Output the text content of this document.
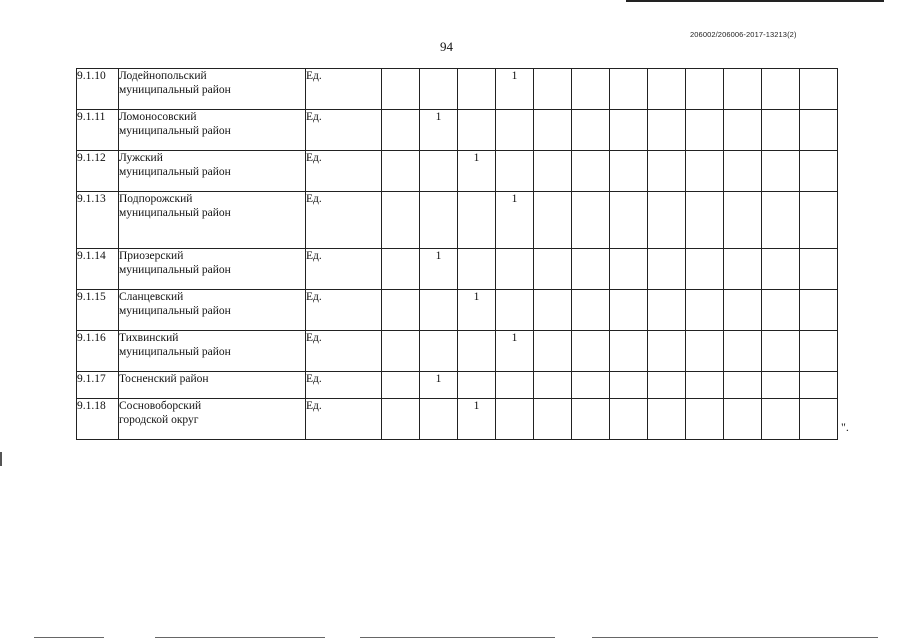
206002/206006-2017-13213(2)
94
9.1.10	Лодейнопольский
муниципальный район	Ед.				1								
9.1.11	Ломоносовский
муниципальный район	Ед.		1										
9.1.12	Лужский
муниципальный район	Ед.			1									
9.1.13	Подпорожский
муниципальный район	Ед.				1								
9.1.14	Приозерский
муниципальный район	Ед.		1										
9.1.15	Сланцевский
муниципальный район	Ед.			1									
9.1.16	Тихвинский
муниципальный район	Ед.				1								
9.1.17	Тосненский район	Ед.		1										
9.1.18	Сосновоборский
городской округ	Ед.			1									
".
